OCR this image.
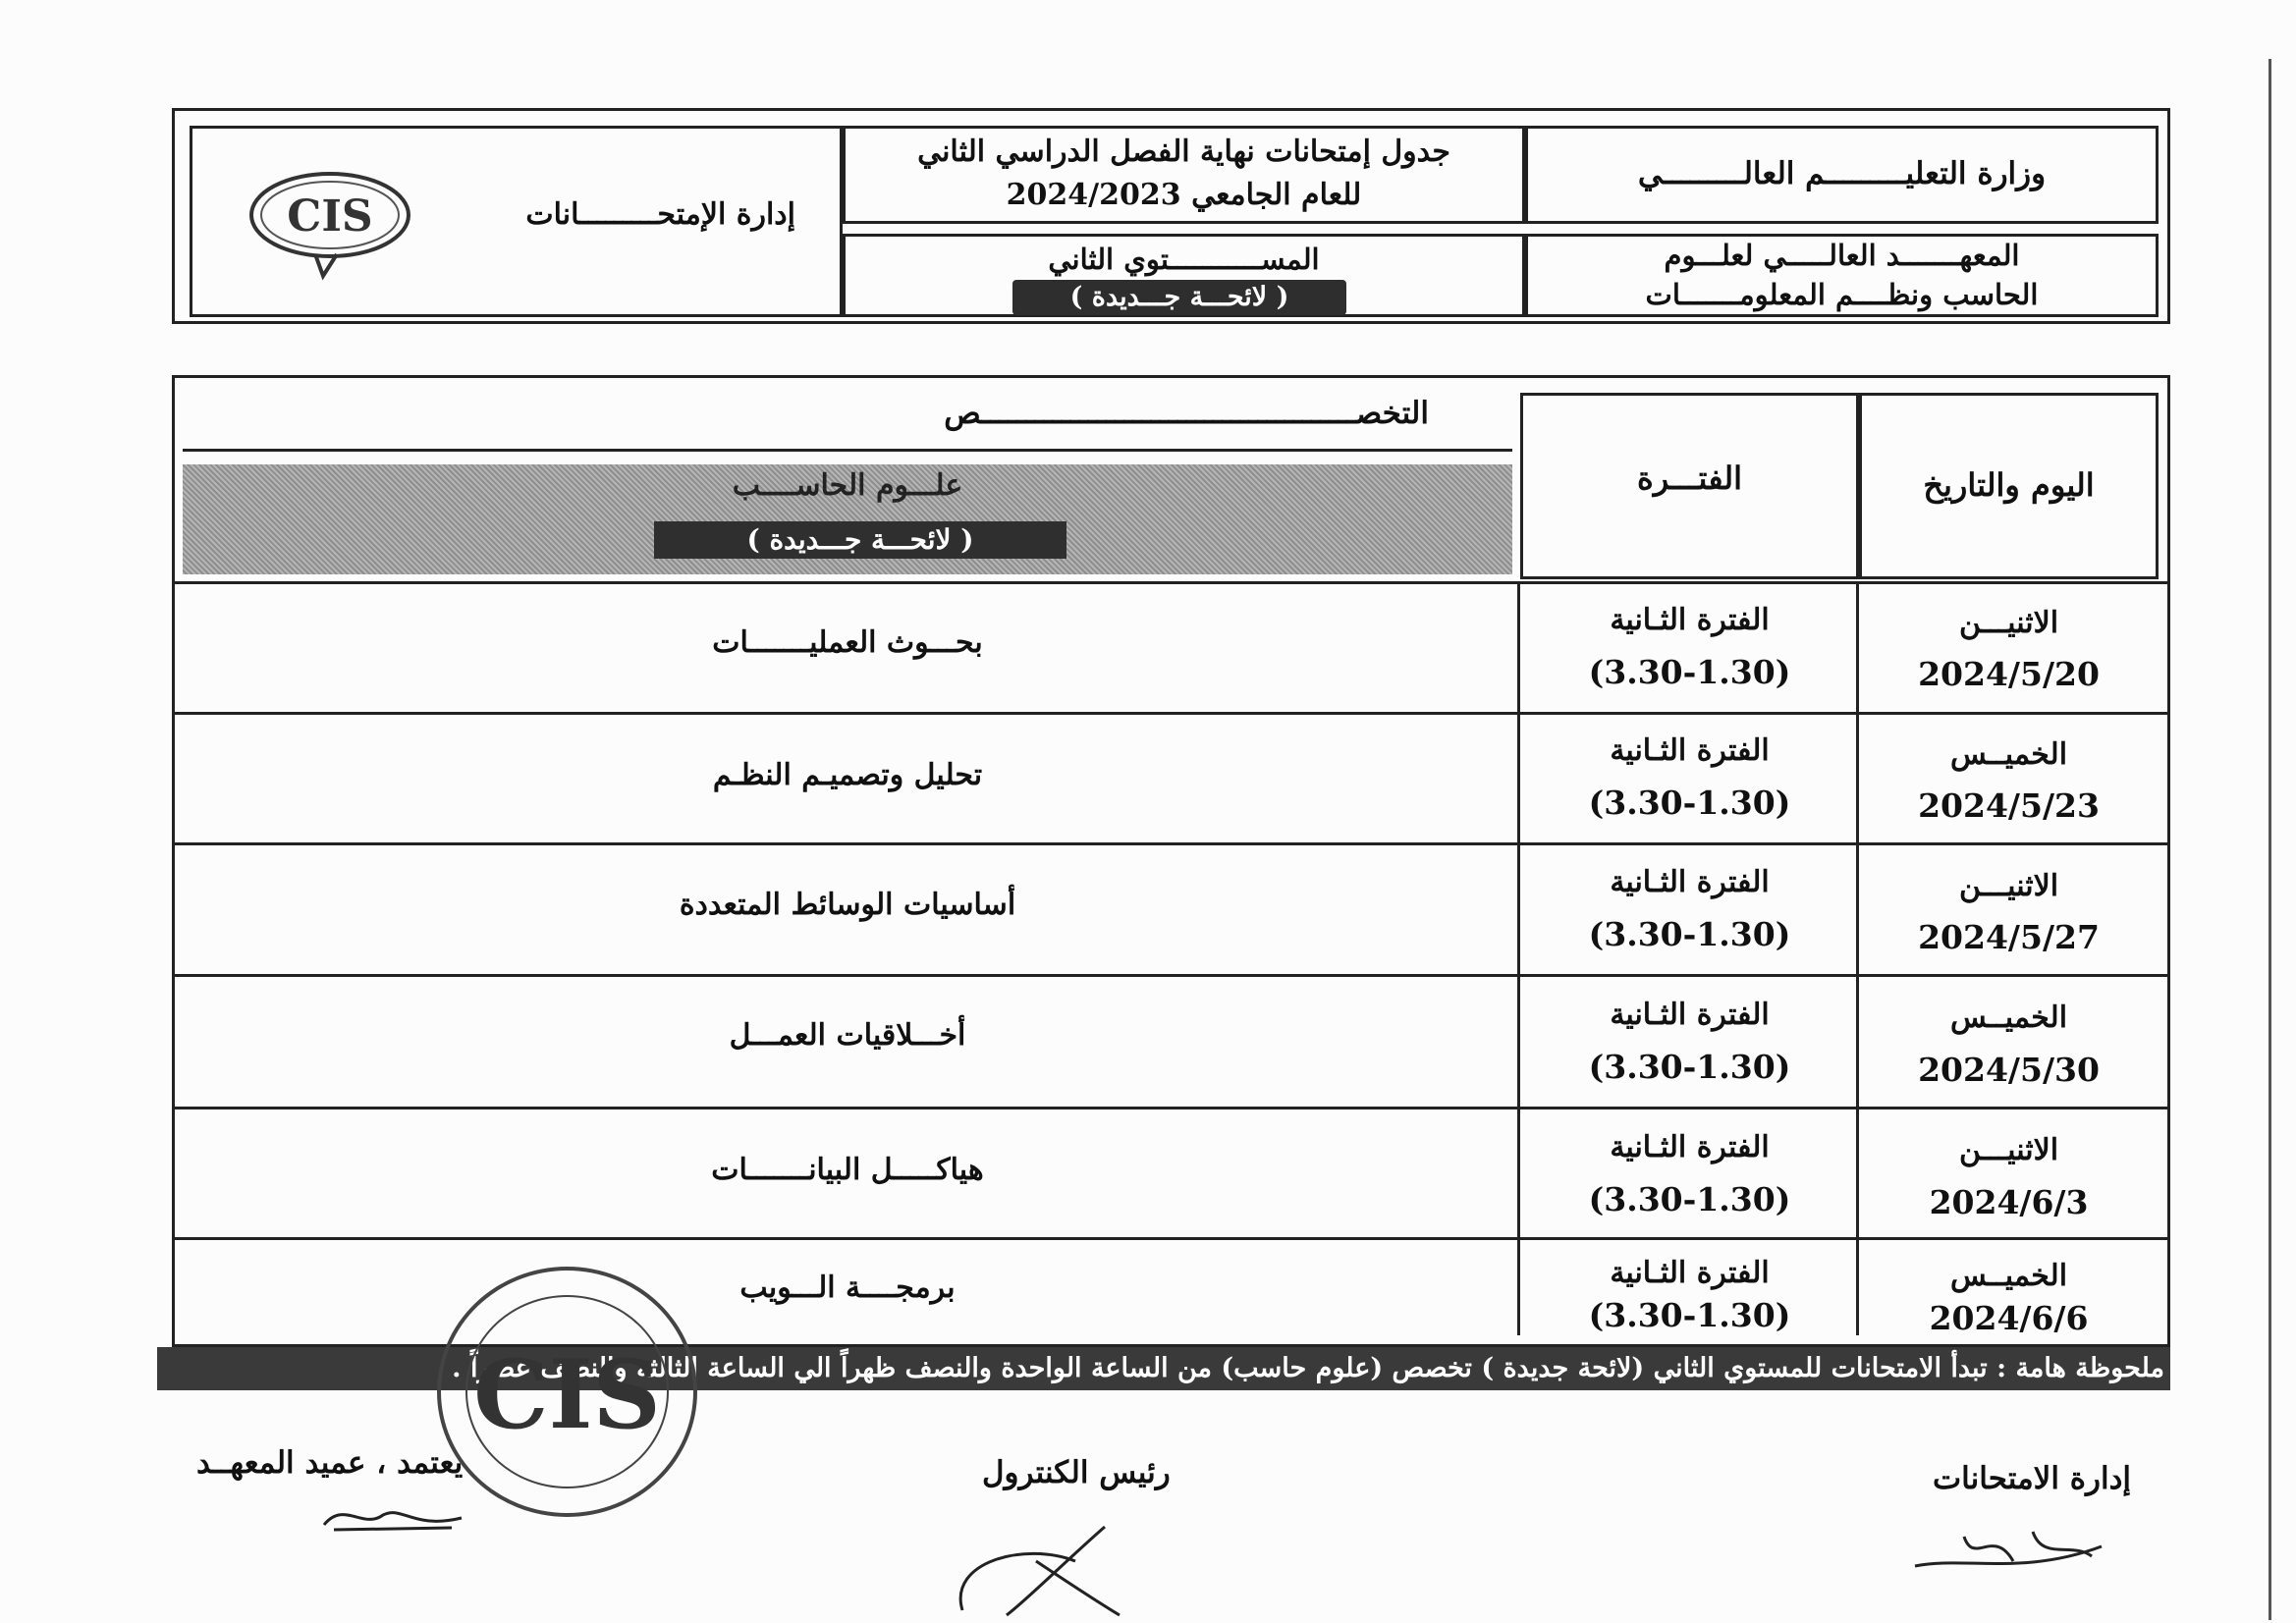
وزارة التعليـــــــــم العالـــــــــي
المعهـــــــد العالـــــي لعلـــوم
الحاسب ونظــــم المعلومـــــــات
جدول إمتحانات نهاية الفصل الدراسي الثاني
للعام الجامعي 2024/2023
المســـــــــــتوي الثاني
( لائحـــة جـــديدة )
إدارة الإمتحـــــــــانات
CIS
اليوم والتاريخ
الفتـــرة
التخصــــــــــــــــــــــــــــــــــــــــــص
علـــوم الحاســــب
( لائحـــة جـــديدة )
الاثنيـــن
2024/5/20
الفترة الثـانية
(3.30-1.30)
بحـــوث العمليـــــــات
الخميــس
2024/5/23
الفترة الثـانية
(3.30-1.30)
تحليل وتصميـم النظـم
الاثنيـــن
2024/5/27
الفترة الثـانية
(3.30-1.30)
أساسيات الوسائط المتعددة
الخميــس
2024/5/30
الفترة الثـانية
(3.30-1.30)
أخـــلاقيات العمـــل
الاثنيـــن
2024/6/3
الفترة الثـانية
(3.30-1.30)
هياكـــــل البيانـــــــات
الخميــس
2024/6/6
الفترة الثـانية
(3.30-1.30)
برمجــــة الـــويب
ملحوظة هامة : تبدأ الامتحانات للمستوي الثاني (لائحة جديدة ) تخصص (علوم حاسب) من الساعة الواحدة والنصف ظهراً الي الساعة الثالثة والنصف عصراً .
CIS
إدارة الامتحانات
رئيس الكنترول
يعتمد ، عميد المعهــد
